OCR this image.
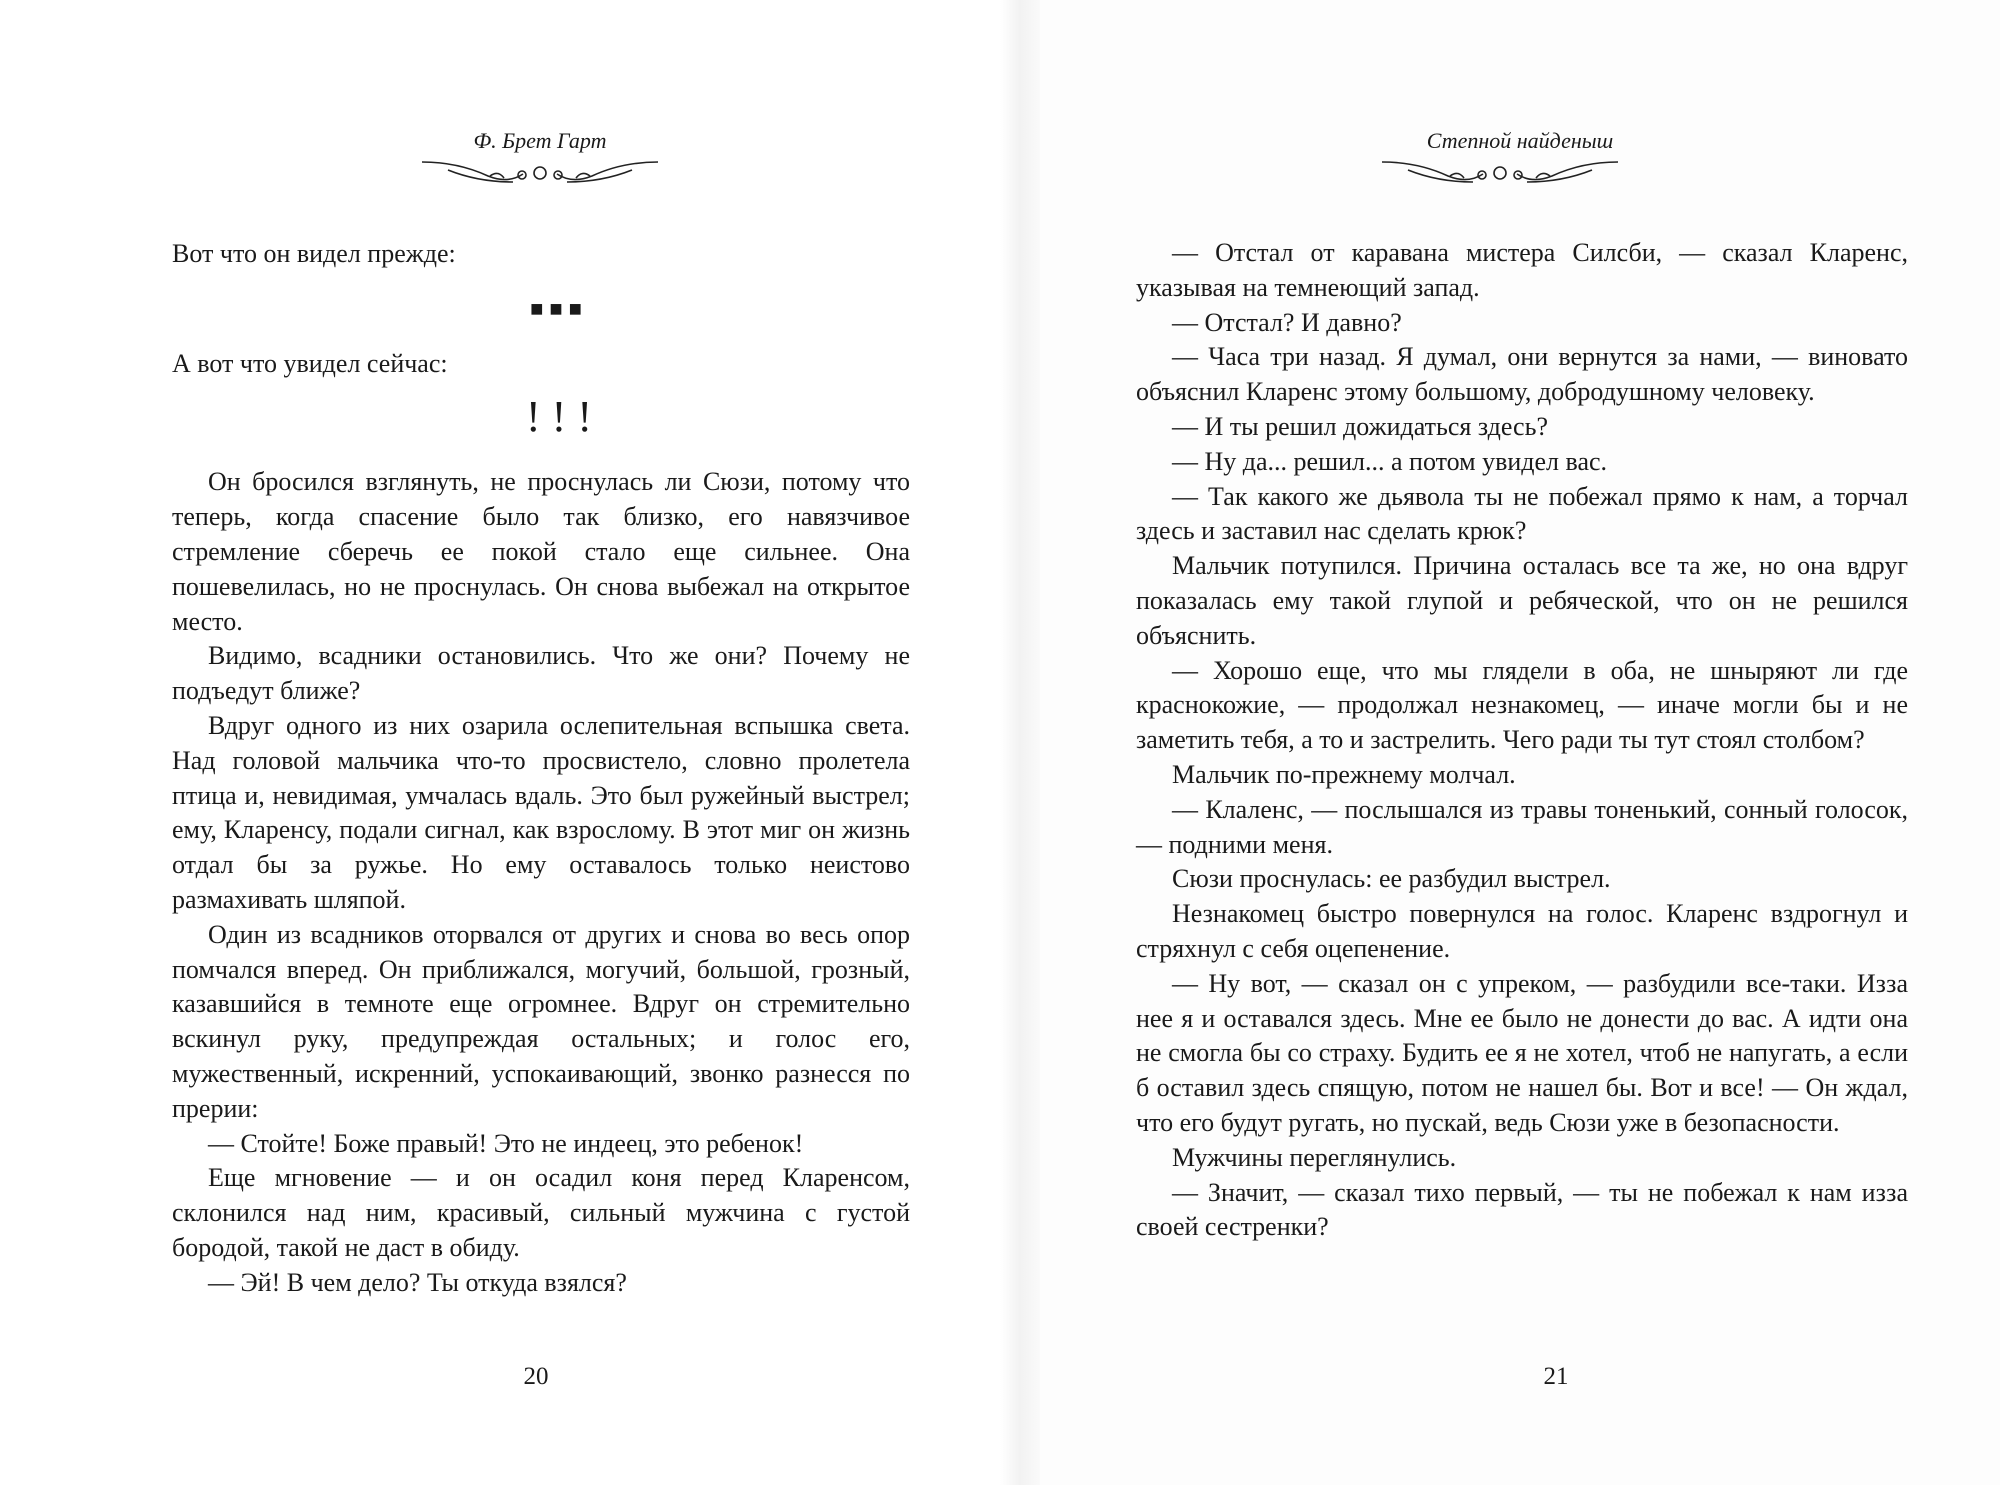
Ф. Брет Гарт

Вот что он видел прежде:

■■■

А вот что увидел сейчас:

! ! !

Он бросился взглянуть, не проснулась ли Сюзи, потому что теперь, когда спасение было так близко, его навязчивое стремление сберечь ее покой стало еще сильнее. Она пошевелилась, но не проснулась. Он снова выбежал на открытое место.

Видимо, всадники остановились. Что же они? Почему не подъедут ближе?

Вдруг одного из них озарила ослепительная вспышка света. Над головой мальчика что-то просвистело, словно пролетела птица и, невидимая, умчалась вдаль. Это был ружейный выстрел; ему, Кларенсу, подали сигнал, как взрослому. В этот миг он жизнь отдал бы за ружье. Но ему оставалось только неистово размахивать шляпой.

Один из всадников оторвался от других и снова во весь опор помчался вперед. Он приближался, могучий, большой, грозный, казавшийся в темноте еще огромнее. Вдруг он стремительно вскинул руку, предупреждая остальных; и голос его, мужественный, искренний, успокаивающий, звонко разнесся по прерии:

— Стойте! Боже правый! Это не индеец, это ребенок!

Еще мгновение — и он осадил коня перед Кларенсом, склонился над ним, красивый, сильный мужчина с густой бородой, такой не даст в обиду.

— Эй! В чем дело? Ты откуда взялся?

20
Степной найденыш

— Отстал от каравана мистера Силсби, — сказал Кларенс, указывая на темнеющий запад.

— Отстал? И давно?

— Часа три назад. Я думал, они вернутся за нами, — виновато объяснил Кларенс этому большому, добродушному человеку.

— И ты решил дожидаться здесь?

— Ну да... решил... а потом увидел вас.

— Так какого же дьявола ты не побежал прямо к нам, а торчал здесь и заставил нас сделать крюк?

Мальчик потупился. Причина осталась все та же, но она вдруг показалась ему такой глупой и ребяческой, что он не решился объяснить.

— Хорошо еще, что мы глядели в оба, не шныряют ли где краснокожие, — продолжал незнакомец, — иначе могли бы и не заметить тебя, а то и застрелить. Чего ради ты тут стоял столбом?

Мальчик по-прежнему молчал.

— Клаленс, — послышался из травы тоненький, сонный голосок, — подними меня.

Сюзи проснулась: ее разбудил выстрел.

Незнакомец быстро повернулся на голос. Кларенс вздрогнул и стряхнул с себя оцепенение.

— Ну вот, — сказал он с упреком, — разбудили все-таки. Изза нее я и оставался здесь. Мне ее было не донести до вас. А идти она не смогла бы со страху. Будить ее я не хотел, чтоб не напугать, а если б оставил здесь спящую, потом не нашел бы. Вот и все! — Он ждал, что его будут ругать, но пускай, ведь Сюзи уже в безопасности.

Мужчины переглянулись.

— Значит, — сказал тихо первый, — ты не побежал к нам изза своей сестренки?

21
